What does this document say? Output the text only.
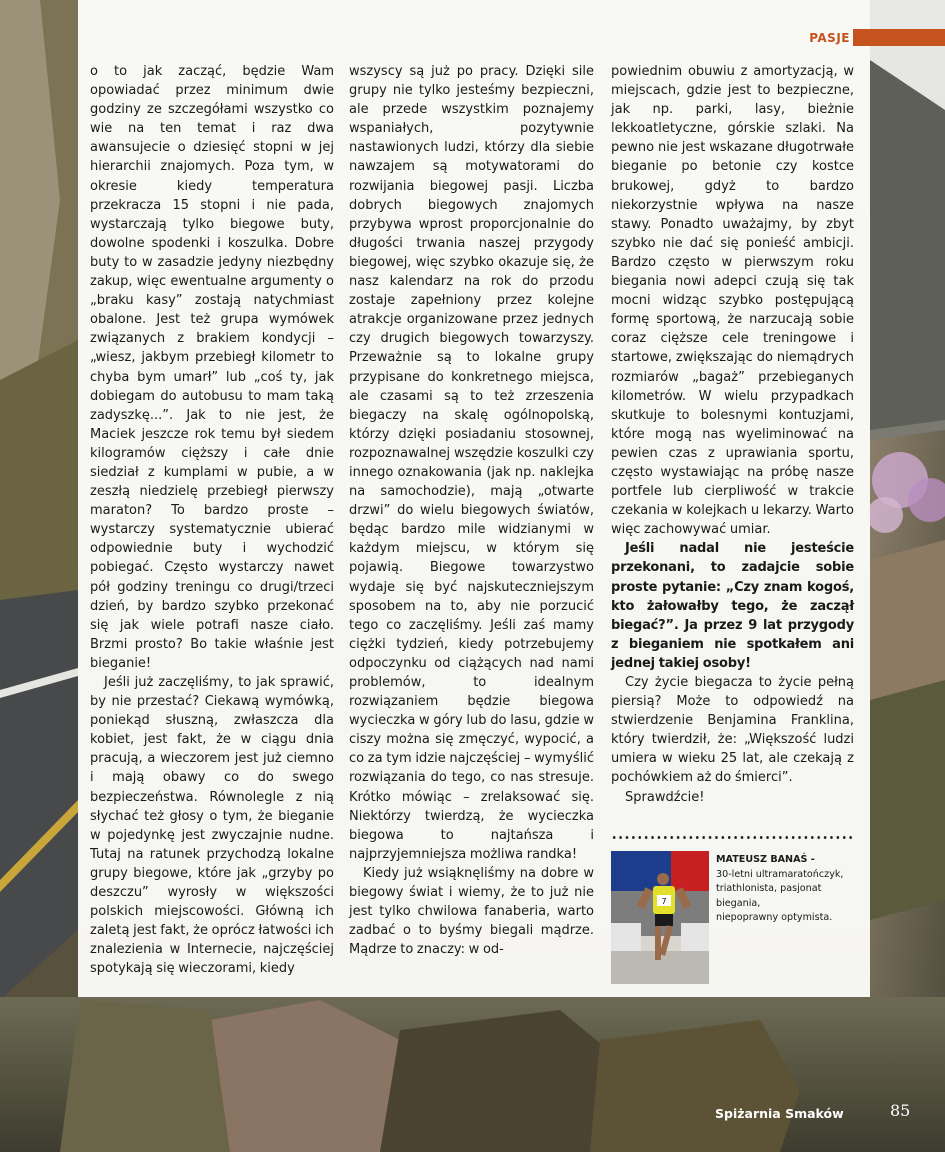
PASJE

o to jak zacząć, będzie Wam opowiadać przez minimum dwie godziny ze szczegółami wszystko co wie na ten temat i raz dwa awansujecie o dziesięć stopni w jej hierarchii znajomych. Poza tym, w okresie kiedy temperatura przekracza 15 stopni i nie pada, wystarczają tylko biegowe buty, dowolne spodenki i koszulka. Dobre buty to w zasadzie jedyny niezbędny zakup, więc ewentualne argumenty o „braku kasy” zostają natychmiast obalone. Jest też grupa wymówek związanych z brakiem kondycji – „wiesz, jakbym przebiegł kilometr to chyba bym umarł” lub „coś ty, jak dobiegam do autobusu to mam taką zadyszkę...”. Jak to nie jest, że Maciek jeszcze rok temu był siedem kilogramów cięższy i całe dnie siedział z kumplami w pubie, a w zeszłą niedzielę przebiegł pierwszy maraton? To bardzo proste – wystarczy systematycznie ubierać odpowiednie buty i wychodzić pobiegać. Często wystarczy nawet pół godziny treningu co drugi/trzeci dzień, by bardzo szybko przekonać się jak wiele potrafi nasze ciało. Brzmi prosto? Bo takie właśnie jest bieganie!

Jeśli już zaczęliśmy, to jak sprawić, by nie przestać? Ciekawą wymówką, poniekąd słuszną, zwłaszcza dla kobiet, jest fakt, że w ciągu dnia pracują, a wieczorem jest już ciemno i mają obawy co do swego bezpieczeństwa. Równolegle z nią słychać też głosy o tym, że bieganie w pojedynkę jest zwyczajnie nudne. Tutaj na ratunek przychodzą lokalne grupy biegowe, które jak „grzyby po deszczu” wyrosły w większości polskich miejscowości. Główną ich zaletą jest fakt, że oprócz łatwości ich znalezienia w Internecie, najczęściej spotykają się wieczorami, kiedy

wszyscy są już po pracy. Dzięki sile grupy nie tylko jesteśmy bezpieczni, ale przede wszystkim poznajemy wspaniałych, pozytywnie nastawionych ludzi, którzy dla siebie nawzajem są motywatorami do rozwijania biegowej pasji. Liczba dobrych biegowych znajomych przybywa wprost proporcjonalnie do długości trwania naszej przygody biegowej, więc szybko okazuje się, że nasz kalendarz na rok do przodu zostaje zapełniony przez kolejne atrakcje organizowane przez jednych czy drugich biegowych towarzyszy. Przeważnie są to lokalne grupy przypisane do konkretnego miejsca, ale czasami są to też zrzeszenia biegaczy na skalę ogólnopolską, którzy dzięki posiadaniu stosownej, rozpoznawalnej wszędzie koszulki czy innego oznakowania (jak np. naklejka na samochodzie), mają „otwarte drzwi” do wielu biegowych światów, będąc bardzo mile widzianymi w każdym miejscu, w którym się pojawią. Biegowe towarzystwo wydaje się być najskuteczniejszym sposobem na to, aby nie porzucić tego co zaczęliśmy. Jeśli zaś mamy ciężki tydzień, kiedy potrzebujemy odpoczynku od ciążących nad nami problemów, to idealnym rozwiązaniem będzie biegowa wycieczka w góry lub do lasu, gdzie w ciszy można się zmęczyć, wypocić, a co za tym idzie najczęściej – wymyślić rozwiązania do tego, co nas stresuje. Krótko mówiąc – zrelaksować się. Niektórzy twierdzą, że wycieczka biegowa to najtańsza i najprzyjemniejsza możliwa randka!

Kiedy już wsiąknęliśmy na dobre w biegowy świat i wiemy, że to już nie jest tylko chwilowa fanaberia, warto zadbać o to byśmy biegali mądrze. Mądrze to znaczy: w od-

powiednim obuwiu z amortyzacją, w miejscach, gdzie jest to bezpieczne, jak np. parki, lasy, bieżnie lekkoatletyczne, górskie szlaki. Na pewno nie jest wskazane długotrwałe bieganie po betonie czy kostce brukowej, gdyż to bardzo niekorzystnie wpływa na nasze stawy. Ponadto uważajmy, by zbyt szybko nie dać się ponieść ambicji. Bardzo często w pierwszym roku biegania nowi adepci czują się tak mocni widząc szybko postępującą formę sportową, że narzucają sobie coraz cięższe cele treningowe i startowe, zwiększając do niemądrych rozmiarów „bagaż” przebieganych kilometrów. W wielu przypadkach skutkuje to bolesnymi kontuzjami, które mogą nas wyeliminować na pewien czas z uprawiania sportu, często wystawiając na próbę nasze portfele lub cierpliwość w trakcie czekania w kolejkach u lekarzy. Warto więc zachowywać umiar.

Jeśli nadal nie jesteście przekonani, to zadajcie sobie proste pytanie: „Czy znam kogoś, kto żałowałby tego, że zaczął biegać?”. Ja przez 9 lat przygody z bieganiem nie spotkałem ani jednej takiej osoby!

Czy życie biegacza to życie pełną piersią? Może to odpowiedź na stwierdzenie Benjamina Franklina, który twierdził, że: „Większość ludzi umiera w wieku 25 lat, ale czekają z pochówkiem aż do śmierci”.

Sprawdźcie!

7
MATEUSZ BANAŚ -
30-letni ultramaratończyk,
triathlonista, pasjonat
biegania,
niepoprawny optymista.
Spiżarnia Smaków	85
